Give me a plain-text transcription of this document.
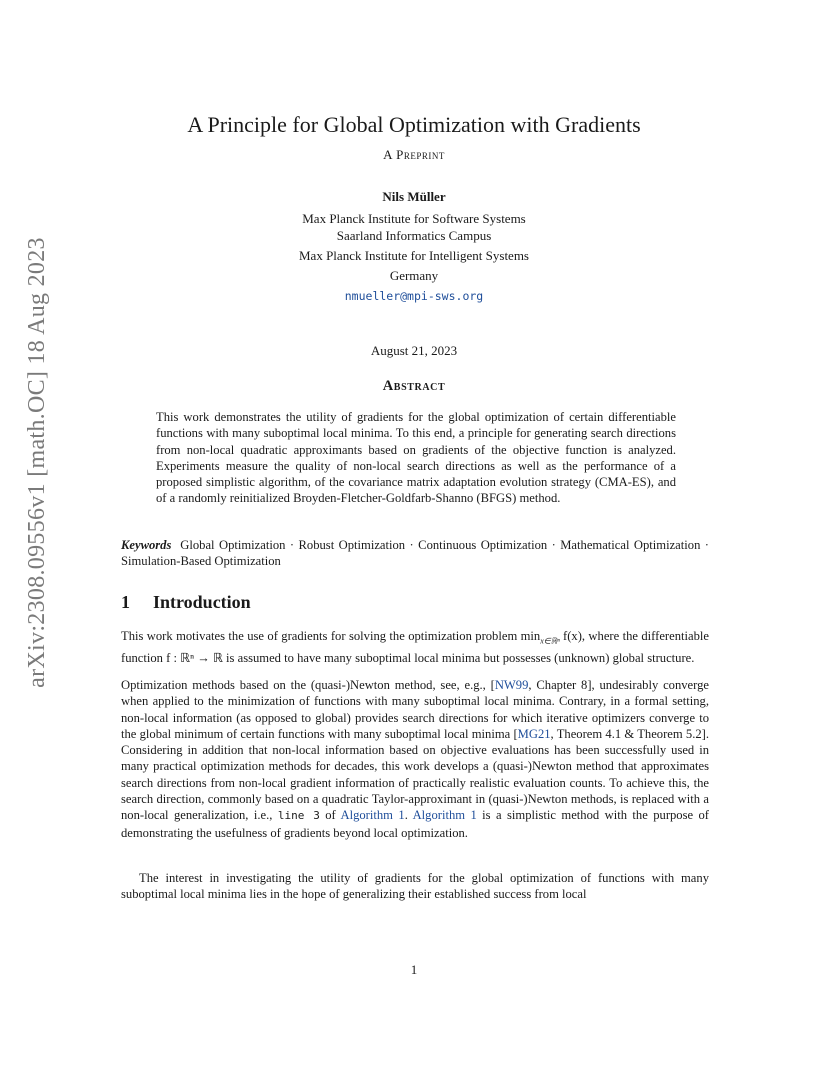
arXiv:2308.09556v1 [math.OC] 18 Aug 2023
A Principle for Global Optimization with Gradients
A Preprint
Nils Müller
Max Planck Institute for Software Systems
Saarland Informatics Campus
Max Planck Institute for Intelligent Systems
Germany
nmueller@mpi-sws.org
August 21, 2023
Abstract

This work demonstrates the utility of gradients for the global optimization of certain differentiable functions with many suboptimal local minima. To this end, a principle for generating search directions from non-local quadratic approximants based on gradients of the objective function is analyzed. Experiments measure the quality of non-local search directions as well as the performance of a proposed simplistic algorithm, of the covariance matrix adaptation evolution strategy (CMA-ES), and of a randomly reinitialized Broyden-Fletcher-Goldfarb-Shanno (BFGS) method.

Keywords Global Optimization · Robust Optimization · Continuous Optimization · Mathematical Optimization · Simulation-Based Optimization
1 Introduction

This work motivates the use of gradients for solving the optimization problem $\min_{x\in ℝ^n} f(x)$, where the differentiable function f : ℝⁿ → ℝ is assumed to have many suboptimal local minima but possesses (unknown) global structure.

Optimization methods based on the (quasi-)Newton method, see, e.g., [NW99, Chapter 8], undesirably converge when applied to the minimization of functions with many suboptimal local minima. Contrary, in a formal setting, non-local information (as opposed to global) provides search directions for which iterative optimizers converge to the global minimum of certain functions with many suboptimal local minima [MG21, Theorem 4.1 & Theorem 5.2]. Considering in addition that non-local information based on objective evaluations has been successfully used in many practical optimization methods for decades, this work develops a (quasi-)Newton method that approximates search directions from non-local gradient information of practically realistic evaluation counts. To achieve this, the search direction, commonly based on a quadratic Taylor-approximant in (quasi-)Newton methods, is replaced with a non-local generalization, i.e., line 3 of Algorithm 1. Algorithm 1 is a simplistic method with the purpose of demonstrating the usefulness of gradients beyond local optimization.

The interest in investigating the utility of gradients for the global optimization of functions with many suboptimal local minima lies in the hope of generalizing their established success from local

1
